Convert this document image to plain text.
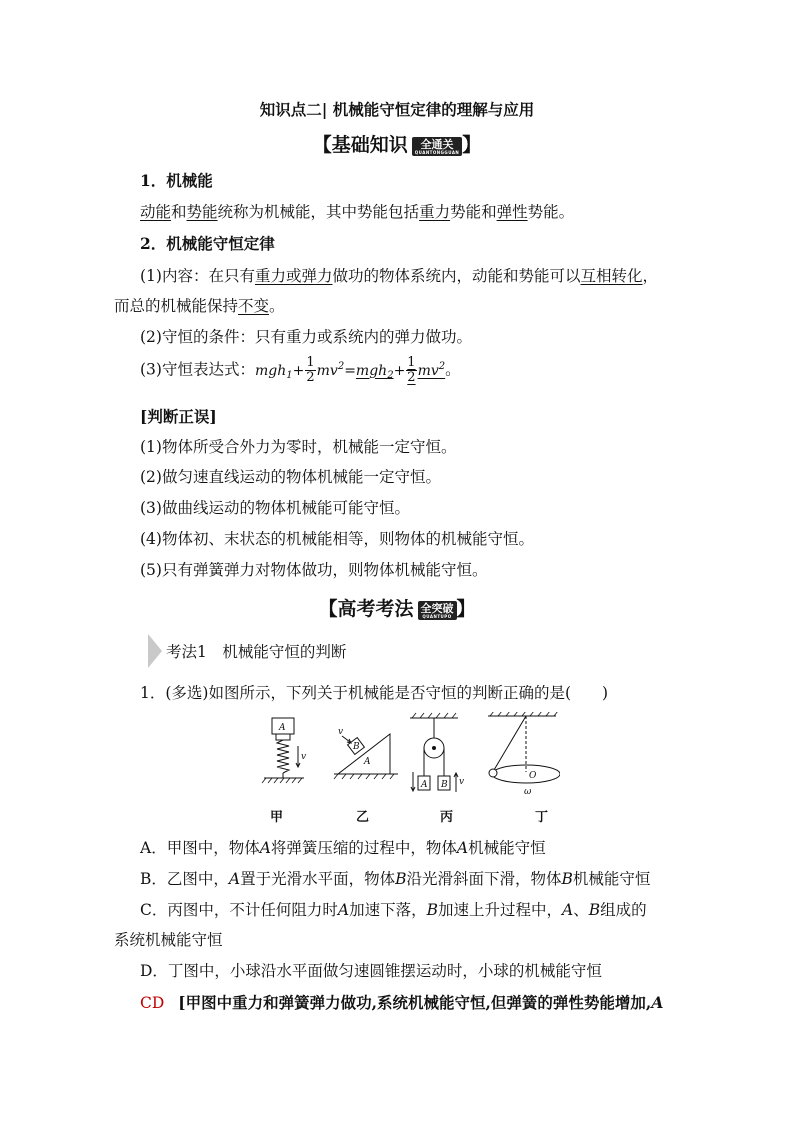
知识点二| 机械能守恒定律的理解与应用
【基础知识 全通关
QUANTONGGUAN 】
1．机械能
动能和势能统称为机械能，其中势能包括重力势能和弹性势能。
2．机械能守恒定律
(1)内容：在只有重力或弹力做功的物体系统内，动能和势能可以互相转化，
而总的机械能保持不变。
(2)守恒的条件：只有重力或系统内的弹力做功。
(3)守恒表达式：$mgh_1+ \frac{1}{2} mv^2=mgh_2+ \frac{1}{2} mv^2$。
[判断正误]
(1)物体所受合外力为零时，机械能一定守恒。
(2)做匀速直线运动的物体机械能一定守恒。
(3)做曲线运动的物体机械能可能守恒。
(4)物体初、末状态的机械能相等，则物体的机械能守恒。
(5)只有弹簧弹力对物体做功，则物体机械能守恒。
【高考考法 全突破
QUANTUPO 】
考法1　机械能守恒的判断
1．(多选)如图所示，下列关于机械能是否守恒的判断正确的是(　　)
A
v
B
A
v
A B v
O
ω
甲	乙	丙	丁
A．甲图中，物体A将弹簧压缩的过程中，物体A机械能守恒
B．乙图中，A置于光滑水平面，物体B沿光滑斜面下滑，物体B机械能守恒
C．丙图中，不计任何阻力时A加速下落，B加速上升过程中，A、B组成的
系统机械能守恒
D．丁图中，小球沿水平面做匀速圆锥摆运动时，小球的机械能守恒
CD [甲图中重力和弹簧弹力做功,系统机械能守恒,但弹簧的弹性势能增加,A
